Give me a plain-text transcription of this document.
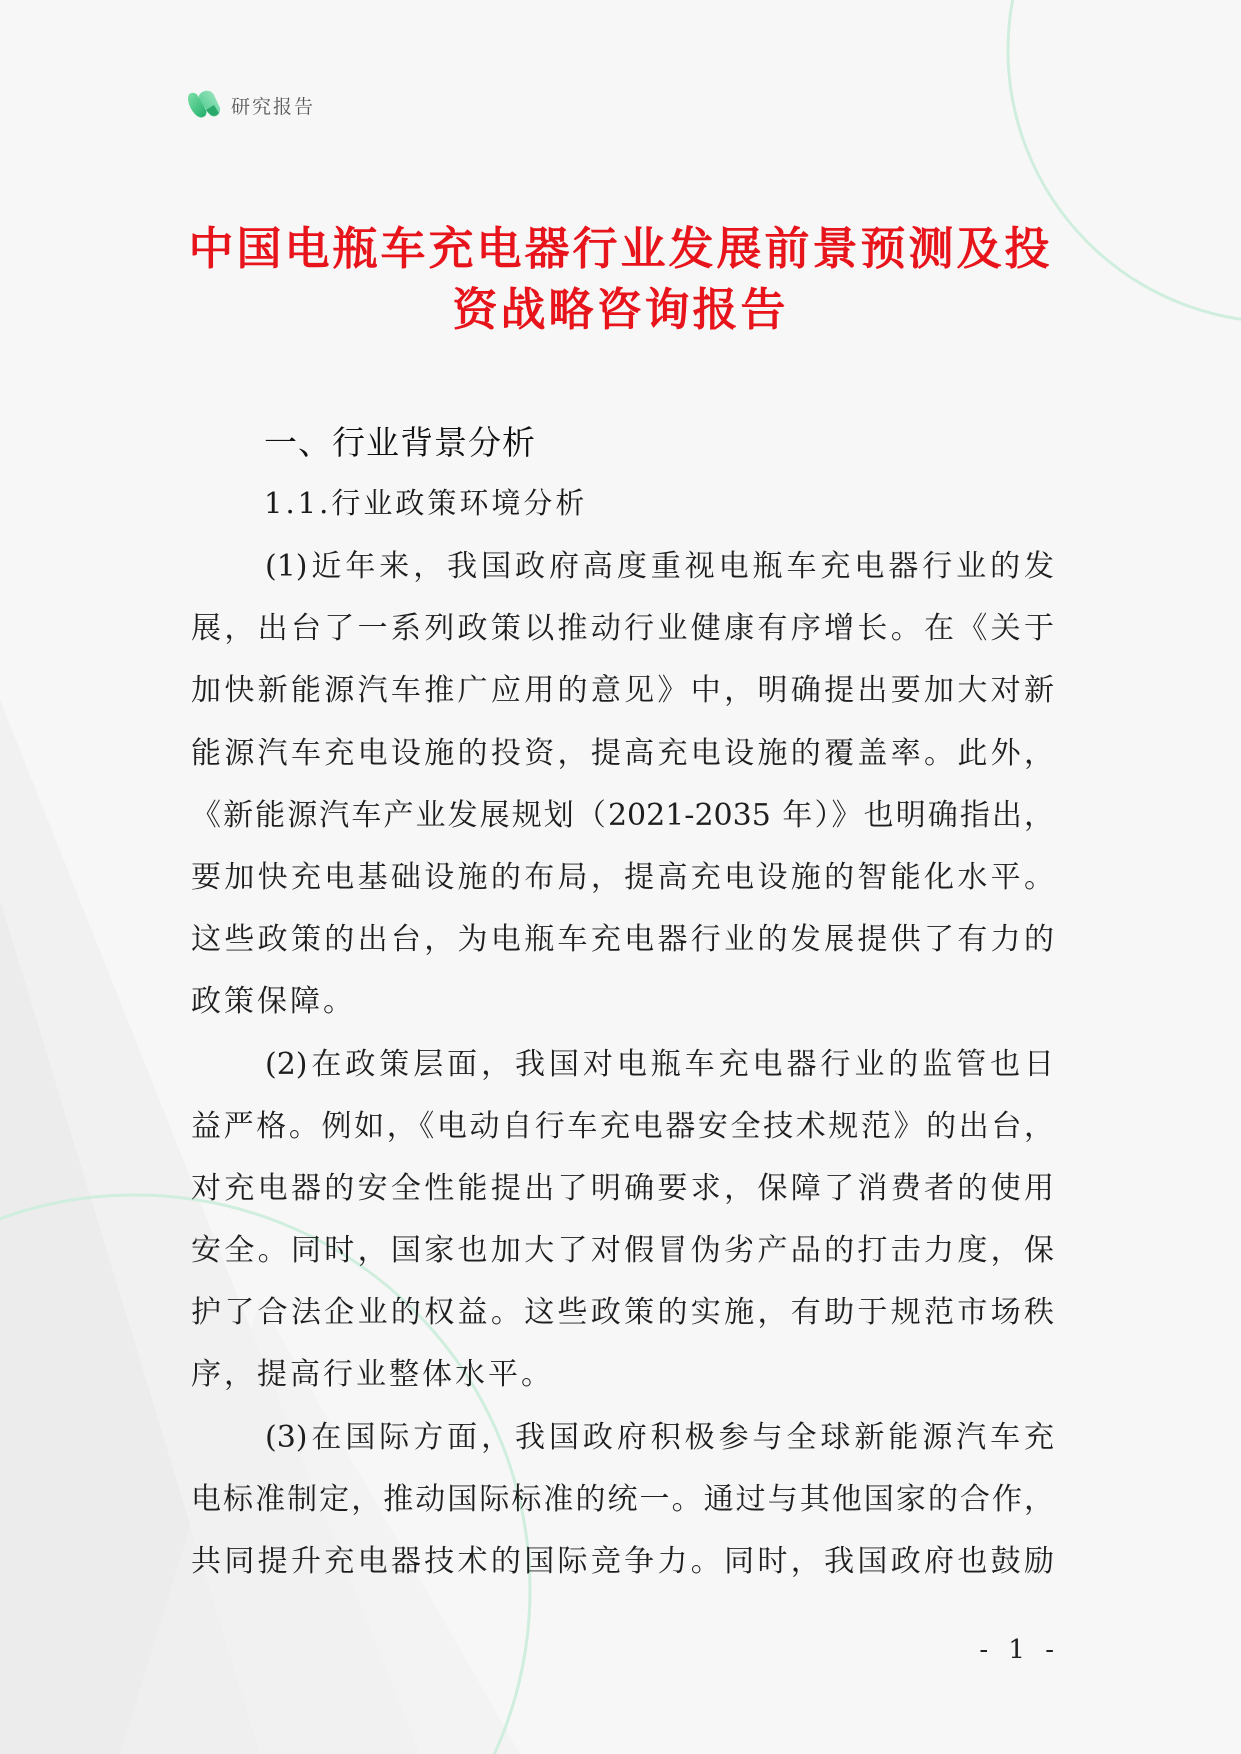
研究报告
中国电瓶车充电器行业发展前景预测及投
资战略咨询报告
一、行业背景分析
1.1.行业政策环境分析
(1)近年来，我国政府高度重视电瓶车充电器行业的发
展，出台了一系列政策以推动行业健康有序增长。在《关于
加快新能源汽车推广应用的意见》中，明确提出要加大对新
能源汽车充电设施的投资，提高充电设施的覆盖率。此外，
《新能源汽车产业发展规划（2021-2035 年）》也明确指出，
要加快充电基础设施的布局，提高充电设施的智能化水平。
这些政策的出台，为电瓶车充电器行业的发展提供了有力的
政策保障。
(2)在政策层面，我国对电瓶车充电器行业的监管也日
益严格。例如，《电动自行车充电器安全技术规范》的出台，
对充电器的安全性能提出了明确要求，保障了消费者的使用
安全。同时，国家也加大了对假冒伪劣产品的打击力度，保
护了合法企业的权益。这些政策的实施，有助于规范市场秩
序，提高行业整体水平。
(3)在国际方面，我国政府积极参与全球新能源汽车充
电标准制定，推动国际标准的统一。通过与其他国家的合作，
共同提升充电器技术的国际竞争力。同时，我国政府也鼓励
- 1 -
